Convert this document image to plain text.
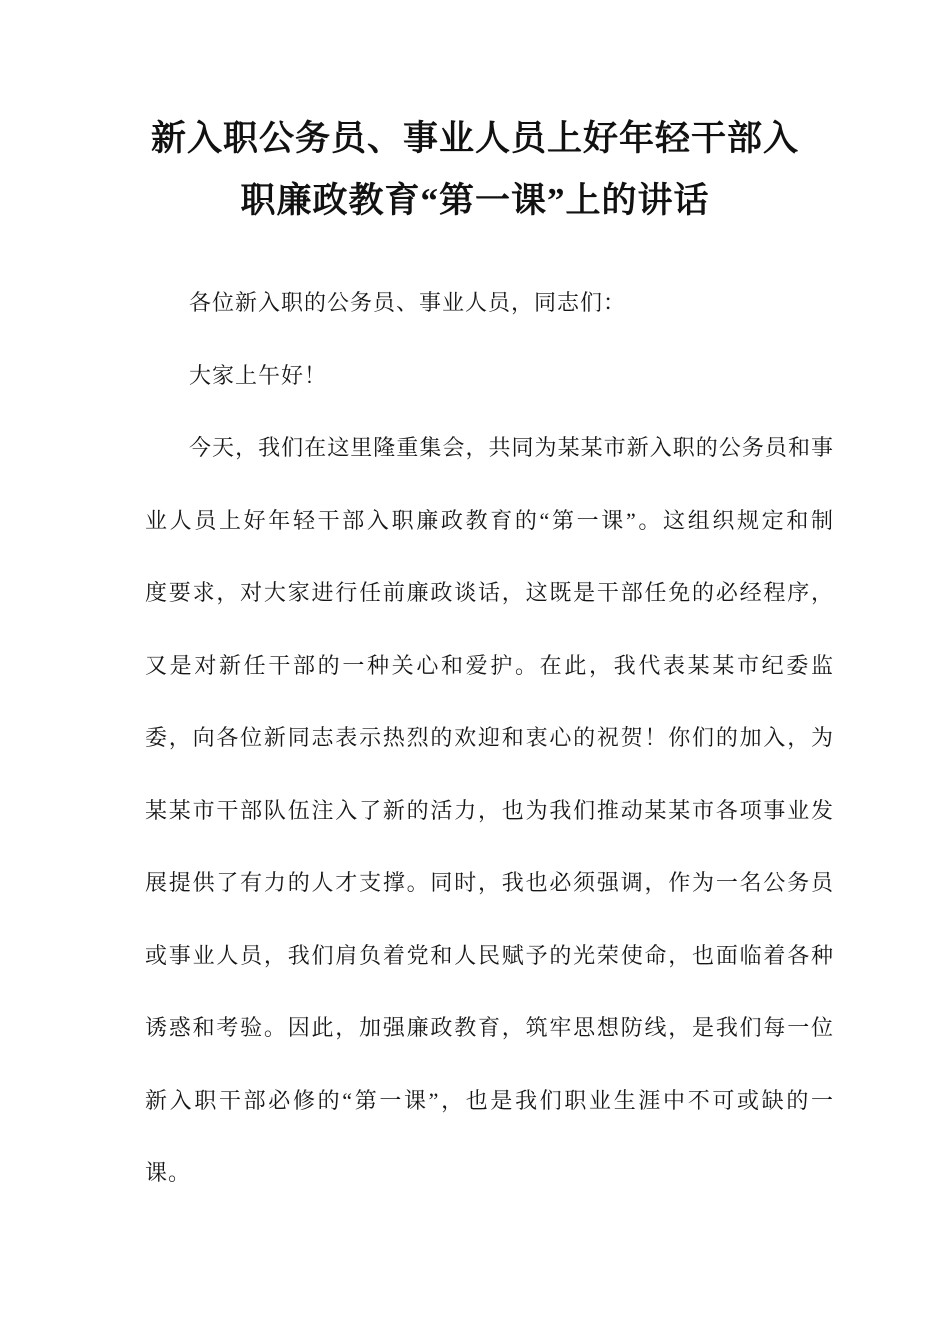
新入职公务员、事业人员上好年轻干部入
职廉政教育“第一课”上的讲话
各位新入职的公务员、事业人员，同志们：
大家上午好！
今天，我们在这里隆重集会，共同为某某市新入职的公务员和事
业人员上好年轻干部入职廉政教育的“第一课”。这组织规定和制
度要求，对大家进行任前廉政谈话，这既是干部任免的必经程序，
又是对新任干部的一种关心和爱护。在此，我代表某某市纪委监
委，向各位新同志表示热烈的欢迎和衷心的祝贺！你们的加入，为
某某市干部队伍注入了新的活力，也为我们推动某某市各项事业发
展提供了有力的人才支撑。同时，我也必须强调，作为一名公务员
或事业人员，我们肩负着党和人民赋予的光荣使命，也面临着各种
诱惑和考验。因此，加强廉政教育，筑牢思想防线，是我们每一位
新入职干部必修的“第一课”，也是我们职业生涯中不可或缺的一
课。
